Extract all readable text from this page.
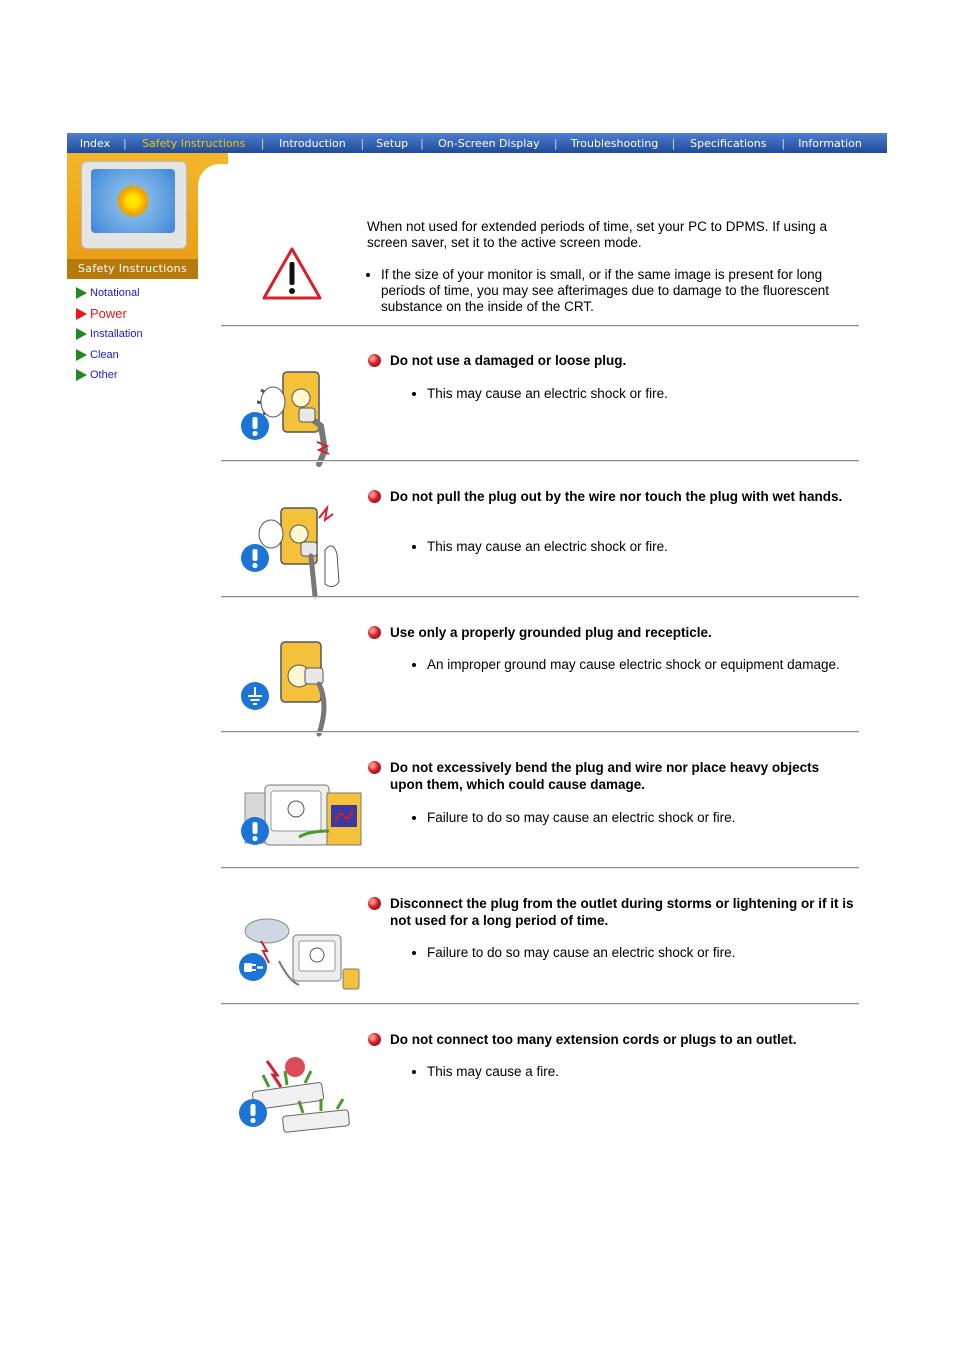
Index	|	Safety Instructions	|	Introduction	|	Setup	|	On-Screen Display	|	Troubleshooting	|	Specifications	|	Information
Safety Instructions
Notational
Power
Installation
Clean
Other

When not used for extended periods of time, set your PC to DPMS. If using a screen saver, set it to the active screen mode.

• If the size of your monitor is small, or if the same image is present for long periods of time, you may see afterimages due to damage to the fluorescent substance on the inside of the CRT.
Do not use a damaged or loose plug.
• This may cause an electric shock or fire.
Do not pull the plug out by the wire nor touch the plug with wet hands.
• This may cause an electric shock or fire.
Use only a properly grounded plug and recepticle.
• An improper ground may cause electric shock or equipment damage.
Do not excessively bend the plug and wire nor place heavy objects upon them, which could cause damage.
• Failure to do so may cause an electric shock or fire.
Disconnect the plug from the outlet during storms or lightening or if it is not used for a long period of time.
• Failure to do so may cause an electric shock or fire.
Do not connect too many extension cords or plugs to an outlet.
• This may cause a fire.
